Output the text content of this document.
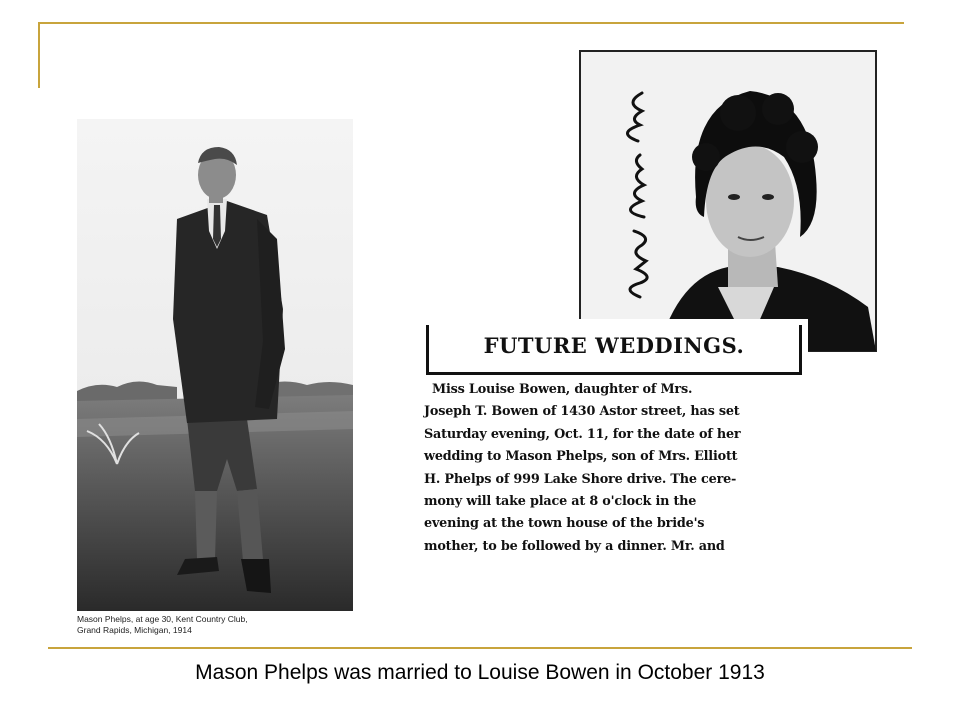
Mason Phelps, at age 30, Kent Country Club,
Grand Rapids, Michigan, 1914
FUTURE WEDDINGS.
Miss Louise Bowen, daughter of Mrs.
Joseph T. Bowen of 1430 Astor street, has set
Saturday evening, Oct. 11, for the date of her
wedding to Mason Phelps, son of Mrs. Elliott
H. Phelps of 999 Lake Shore drive. The cere-
mony will take place at 8 o'clock in the
evening at the town house of the bride's
mother, to be followed by a dinner. Mr. and
Mason Phelps was married to Louise Bowen in October 1913
